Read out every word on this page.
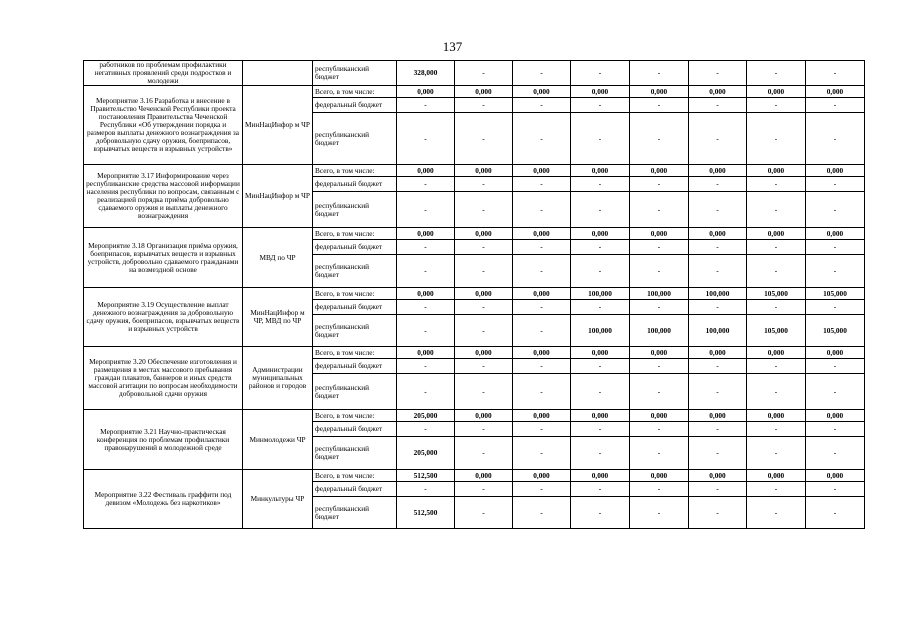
137
работников по проблемам профилактики негативных проявлений среди подростков и молодежи		республиканский бюджет	328,000	-	-	-	-	-	-	-
Мероприятие 3.16 Разработка и внесение в Правительство Чеченской Республики проекта постановления Правительства Чеченской Республики «Об утверждении порядка и размеров выплаты денежного вознаграждения за добровольную сдачу оружия, боеприпасов, взрывчатых веществ и взрывных устройств»	МинНацИнфор м ЧР	Всего, в том числе:	0,000	0,000	0,000	0,000	0,000	0,000	0,000	0,000
		федеральный бюджет	-	-	-	-	-	-	-	-
		республиканский бюджет	-	-	-	-	-	-	-	-
Мероприятие 3.17 Информирование через республиканские средства массовой информации населения республики по вопросам, связанным с реализацией порядка приёма добровольно сдаваемого оружия и выплаты денежного вознаграждения	МинНацИнфор м ЧР	Всего, в том числе:	0,000	0,000	0,000	0,000	0,000	0,000	0,000	0,000
		федеральный бюджет	-	-	-	-	-	-	-	-
		республиканский бюджет	-	-	-	-	-	-	-	-
Мероприятие 3.18 Организация приёма оружия, боеприпасов, взрывчатых веществ и взрывных устройств, добровольно сдаваемого гражданами на возмездной основе	МВД по ЧР	Всего, в том числе:	0,000	0,000	0,000	0,000	0,000	0,000	0,000	0,000
		федеральный бюджет	-	-	-	-	-	-	-	-
		республиканский бюджет	-	-	-	-	-	-	-	-
Мероприятие 3.19 Осуществление выплат денежного вознаграждения за добровольную сдачу оружия, боеприпасов, взрывчатых веществ и взрывных устройств	МинНацИнфор м ЧР, МВД по ЧР	Всего, в том числе:	0,000	0,000	0,000	100,000	100,000	100,000	105,000	105,000
		федеральный бюджет	-	-	-	-	-	-	-	-
		республиканский бюджет	-	-	-	100,000	100,000	100,000	105,000	105,000
Мероприятие 3.20 Обеспечение изготовления и размещения в местах массового пребывания граждан плакатов, баннеров и иных средств массовой агитации по вопросам необходимости добровольной сдачи оружия	Администрации муниципальных районов и городов	Всего, в том числе:	0,000	0,000	0,000	0,000	0,000	0,000	0,000	0,000
		федеральный бюджет	-	-	-	-	-	-	-	-
		республиканский бюджет	-	-	-	-	-	-	-	-
Мероприятие 3.21 Научно-практическая конференция по проблемам профилактики правонарушений в молодежной среде	Минмолодежи ЧР	Всего, в том числе:	205,000	0,000	0,000	0,000	0,000	0,000	0,000	0,000
		федеральный бюджет	-	-	-	-	-	-	-	-
		республиканский бюджет	205,000	-	-	-	-	-	-	-
Мероприятие 3.22 Фестиваль граффити под девизом «Молодежь без наркотиков»	Минкультуры ЧР	Всего, в том числе:	512,500	0,000	0,000	0,000	0,000	0,000	0,000	0,000
		федеральный бюджет	-	-	-	-	-	-	-	-
		республиканский бюджет	512,500	-	-	-	-	-	-	-
